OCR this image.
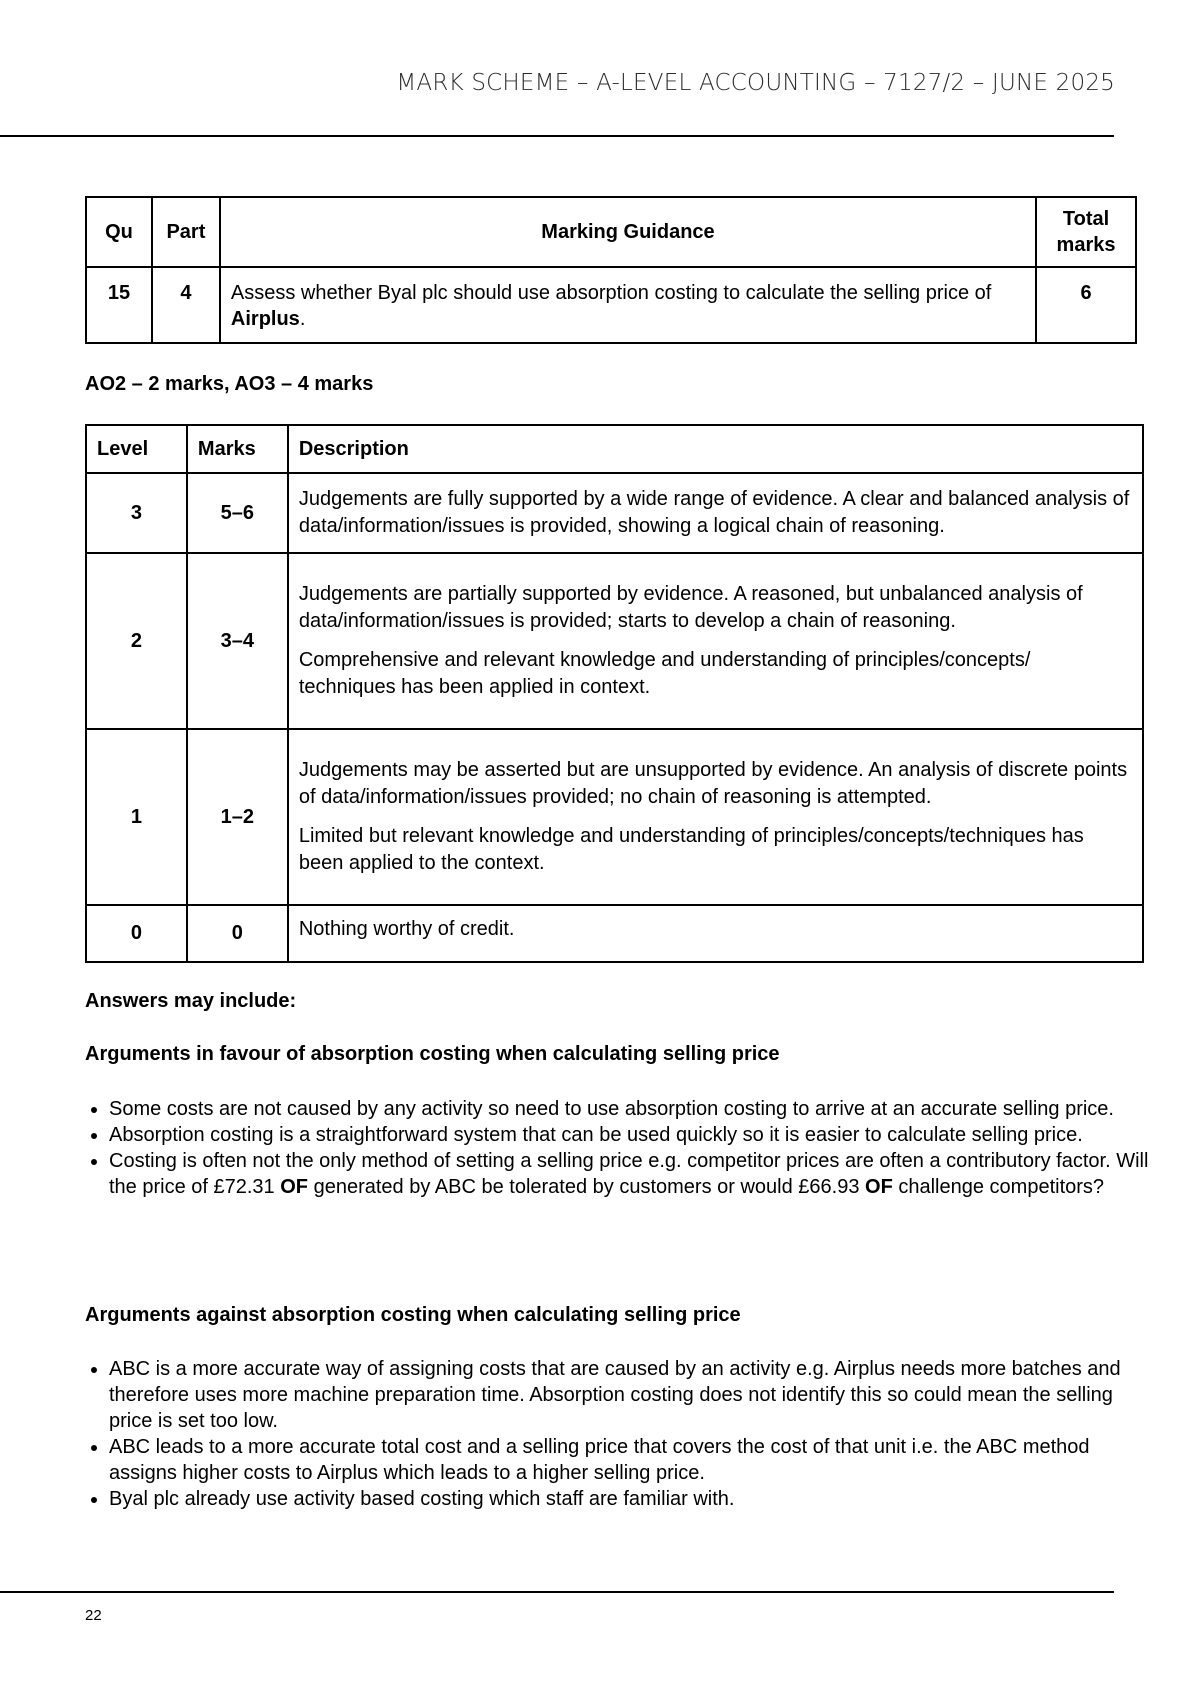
MARK SCHEME – A-LEVEL ACCOUNTING – 7127/2 – JUNE 2025
Qu	Part	Marking Guidance	Total marks
15	4	Assess whether Byal plc should use absorption costing to calculate the selling price of Airplus.	6
AO2 – 2 marks, AO3 – 4 marks
Level	Marks	Description
3	5–6	Judgements are fully supported by a wide range of evidence. A clear and balanced analysis of data/information/issues is provided, showing a logical chain of reasoning.

2	3–4	Judgements are partially supported by evidence. A reasoned, but unbalanced analysis of data/information/issues is provided; starts to develop a chain of reasoning.

Comprehensive and relevant knowledge and understanding of principles/concepts/ techniques has been applied in context.

1	1–2	Judgements may be asserted but are unsupported by evidence. An analysis of discrete points of data/information/issues provided; no chain of reasoning is attempted.

Limited but relevant knowledge and understanding of principles/concepts/techniques has been applied to the context.

0	0	Nothing worthy of credit.

Answers may include:
Arguments in favour of absorption costing when calculating selling price
• Some costs are not caused by any activity so need to use absorption costing to arrive at an accurate selling price.
• Absorption costing is a straightforward system that can be used quickly so it is easier to calculate selling price.
• Costing is often not the only method of setting a selling price e.g. competitor prices are often a contributory factor. Will the price of £72.31 OF generated by ABC be tolerated by customers or would £66.93 OF challenge competitors?
Arguments against absorption costing when calculating selling price
• ABC is a more accurate way of assigning costs that are caused by an activity e.g. Airplus needs more batches and therefore uses more machine preparation time. Absorption costing does not identify this so could mean the selling price is set too low.
• ABC leads to a more accurate total cost and a selling price that covers the cost of that unit i.e. the ABC method assigns higher costs to Airplus which leads to a higher selling price.
• Byal plc already use activity based costing which staff are familiar with.
22
